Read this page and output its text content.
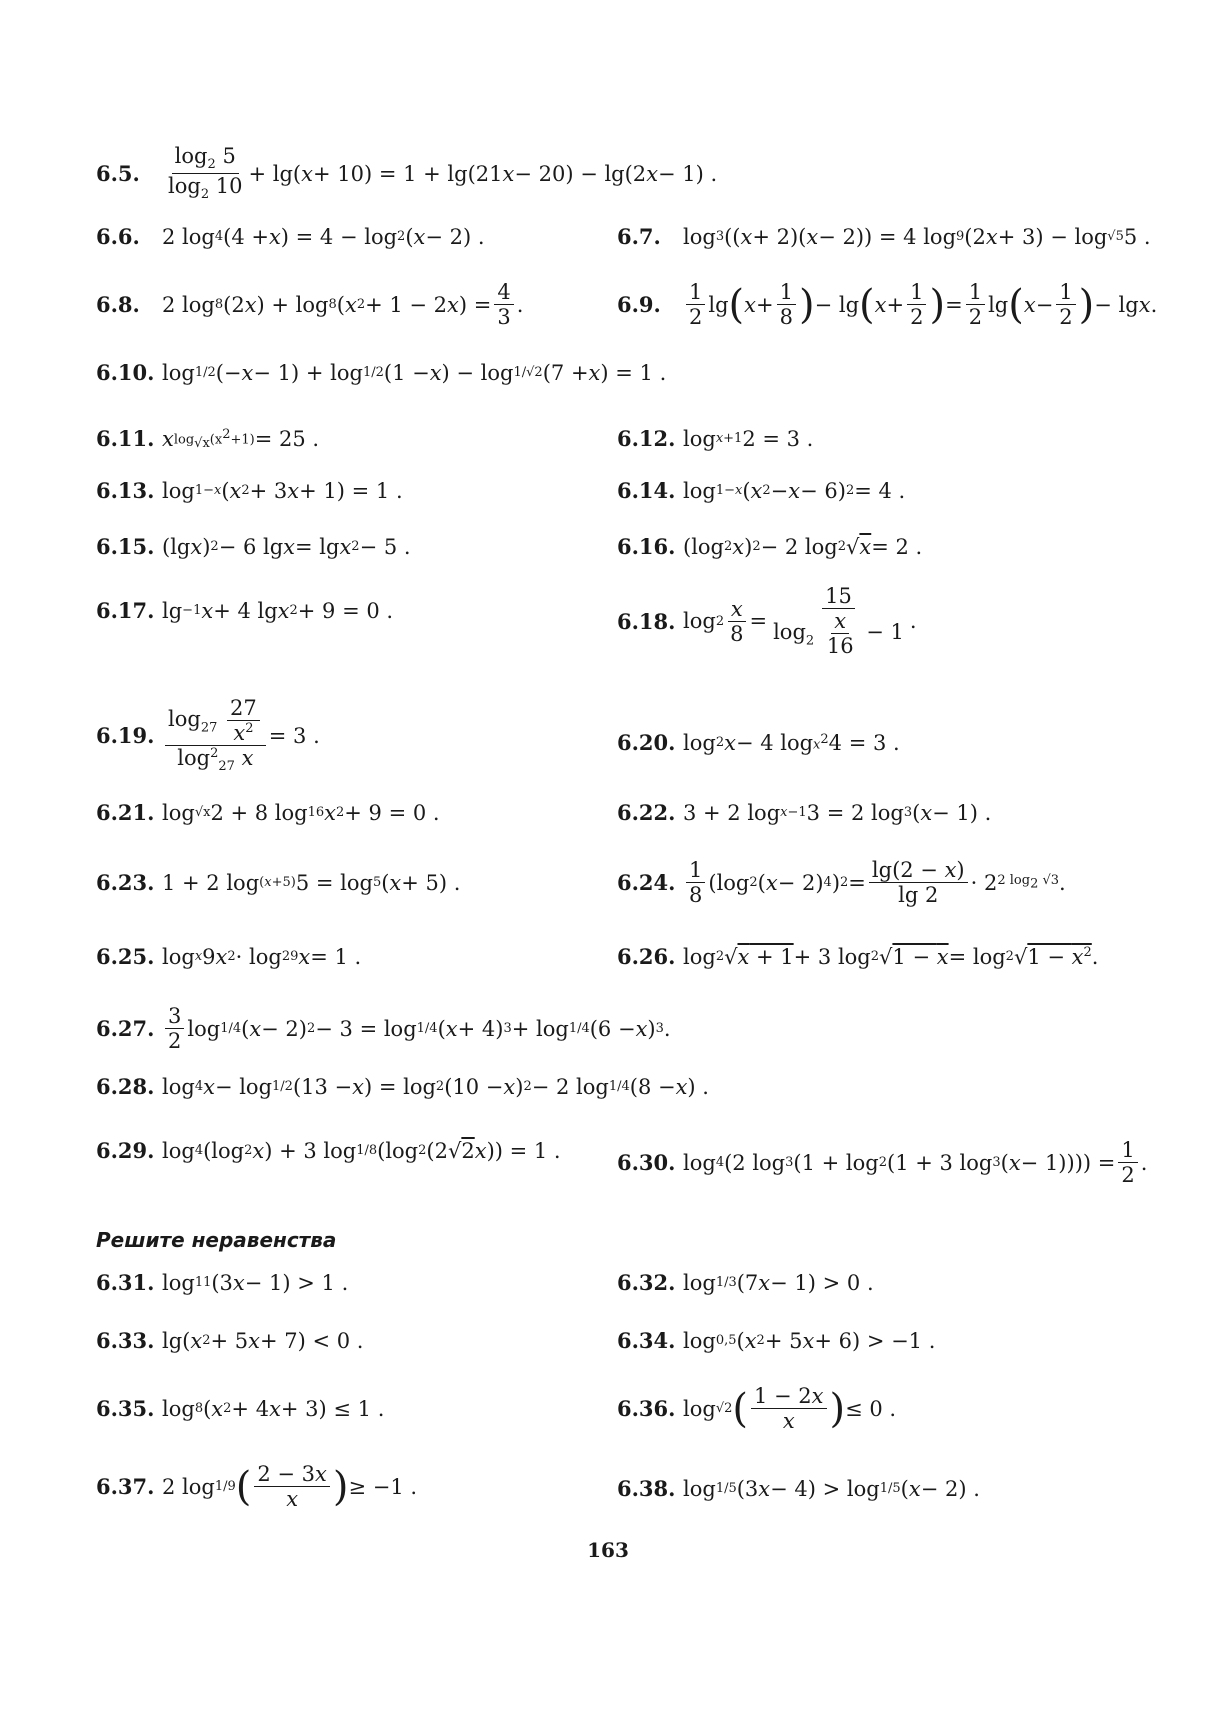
6.5.	$\frac{\log_2 5}{\log_2 10} + \lg$( x + 10) = 1 + lg(21 x − 20) − lg(2 x − 1) .
6.6.	2 log 4 (4 + x ) = 4 − log 2 ( x − 2) .	6.7.	log 3 (( x + 2)( x − 2)) = 4 log 9 (2 x + 3) − log √5 5 .
6.8.	2 log 8 (2 x ) + log 8 ( x 2 + 1 − 2 x ) = $\frac{4}{3}$ .	6.9.	$\frac{1}{2}$ lg ( $x + \frac{1}{8}$ ) − lg ( $x + \frac{1}{2}$ ) = $\frac{1}{2}$ lg ( $x - \frac{1}{2}$ ) − lg x .
6.10. log 1/2 (− x − 1) + log 1/2 (1 − x ) − log 1/√2 (7 + x ) = 1 .
6.11. x $\log_{√x}(x^2+1) = 25$ .	6.12. log x+1 2 = 3 .
6.13. log 1−x ( x 2 + 3 x + 1) = 1 .	6.14. log 1−x ( x 2 − x − 6) 2 = 4 .
6.15. (lg x ) 2 − 6 lg x = lg x 2 − 5 .	6.16. (log 2 x ) 2 − 2 log 2 √ x = 2 .
6.17. lg −1 x + 4 lg x 2 + 9 = 0 .	6.18. $\log 2 \frac{x}{8} = \frac{15}{\log_2 \frac{x}{16} - 1}$ .
6.19. $\frac{\log_{27} \frac{27}{x^2}}{\log^2_{27} x} = 3$ .	6.20. log 2 x − 4 $\log x^2$ 4 = 3 .
6.21. log √x 2 + 8 log 16 x 2 + 9 = 0 .	6.22. 3 + 2 log x−1 3 = 2 log 3 ( x − 1) .
6.23. 1 + 2 log (x+5) 5 = log 5 ( x + 5) .	6.24. $\frac{1}{8} (\log$ 2 ( x − 2) 4 ) $2 = \frac{\lg(2 - x)}{\lg 2} \cdot 2$ 2 $\log_2 √3$ .
6.25. log x 9 x 2 · log 2 9 x = 1 .	6.26. log 2 √ x + 1 + 3 log 2 √ 1 − x = log 2 √ $1 - x^2$ .
6.27. $\frac{3}{2}$ log 1/4 ( x − 2) 2 − 3 = log 1/4 ( x + 4) 3 + log 1/4 (6 − x ) 3 .
6.28. log 4 x − log 1/2 (13 − x ) = log 2 (10 − x ) 2 − 2 log 1/4 (8 − x ) .
6.29. log 4 (log 2 x ) + 3 log 1/8 (log 2 (2√ 2 x )) = 1 .	6.30. log 4 (2 log 3 (1 + log 2 (1 + 3 log 3 ( $x - 1)))) = \frac{1}{2}$ .
Решите неравенства
6.31. log 11 (3 x − 1) > 1 .	6.32. log 1/3 (7 x − 1) > 0 .
6.33. lg( x 2 + 5 x + 7) < 0 .	6.34. log 0,5 ( x 2 + 5 x + 6) > −1 .
6.35. log 8 ( x 2 + 4 x + 3) ≤ 1 .	6.36. log √2 ( $\frac{1 - 2x}{x}$ ) ≤ 0 .
6.37. 2 log 1/9 ( $\frac{2 - 3x}{x}$ ) ≥ −1 .	6.38. log 1/5 (3 x − 4) > log 1/5 ( x − 2) .
163
